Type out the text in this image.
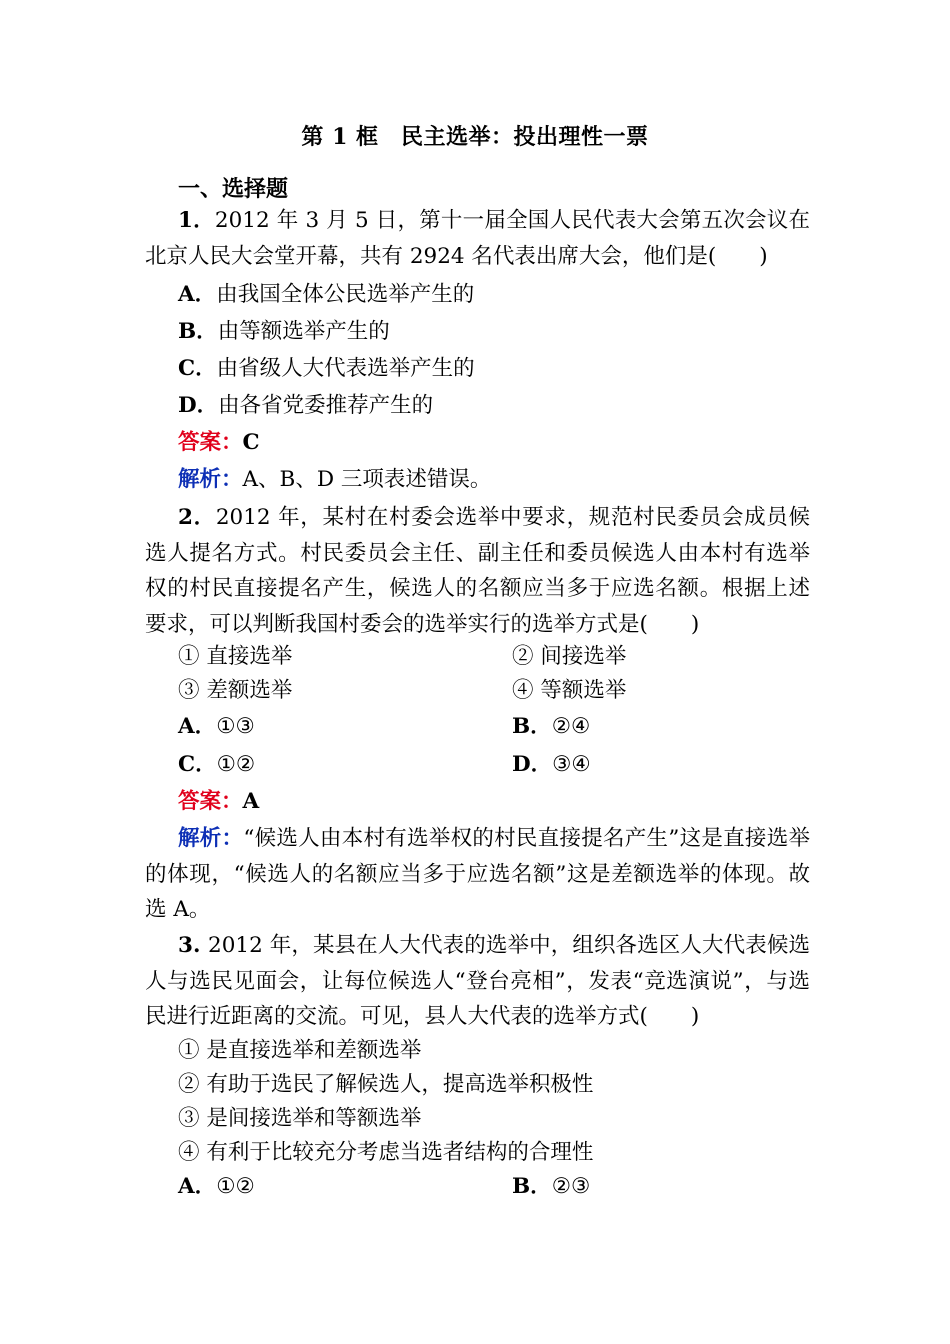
第 1 框　民主选举：投出理性一票
一、选择题
1．2012 年 3 月 5 日，第十一届全国人民代表大会第五次会议在北京人民大会堂开幕，共有 2924 名代表出席大会，他们是(　　)
A．由我国全体公民选举产生的
B．由等额选举产生的
C．由省级人大代表选举产生的
D．由各省党委推荐产生的
答案：C
解析：A、B、D 三项表述错误。
2．2012 年，某村在村委会选举中要求，规范村民委员会成员候选人提名方式。村民委员会主任、副主任和委员候选人由本村有选举权的村民直接提名产生，候选人的名额应当多于应选名额。根据上述要求，可以判断我国村委会的选举实行的选举方式是(　　)
① 直接选举	② 间接选举
③ 差额选举	④ 等额选举
A．①③	B．②④
C．①②	D．③④
答案：A
解析：“候选人由本村有选举权的村民直接提名产生”这是直接选举的体现，“候选人的名额应当多于应选名额”这是差额选举的体现。故选 A。
3. 2012 年，某县在人大代表的选举中，组织各选区人大代表候选人与选民见面会，让每位候选人“登台亮相”，发表“竞选演说”，与选民进行近距离的交流。可见，县人大代表的选举方式(　　)
① 是直接选举和差额选举
② 有助于选民了解候选人，提高选举积极性
③ 是间接选举和等额选举
④ 有利于比较充分考虑当选者结构的合理性
A．①②	B．②③
